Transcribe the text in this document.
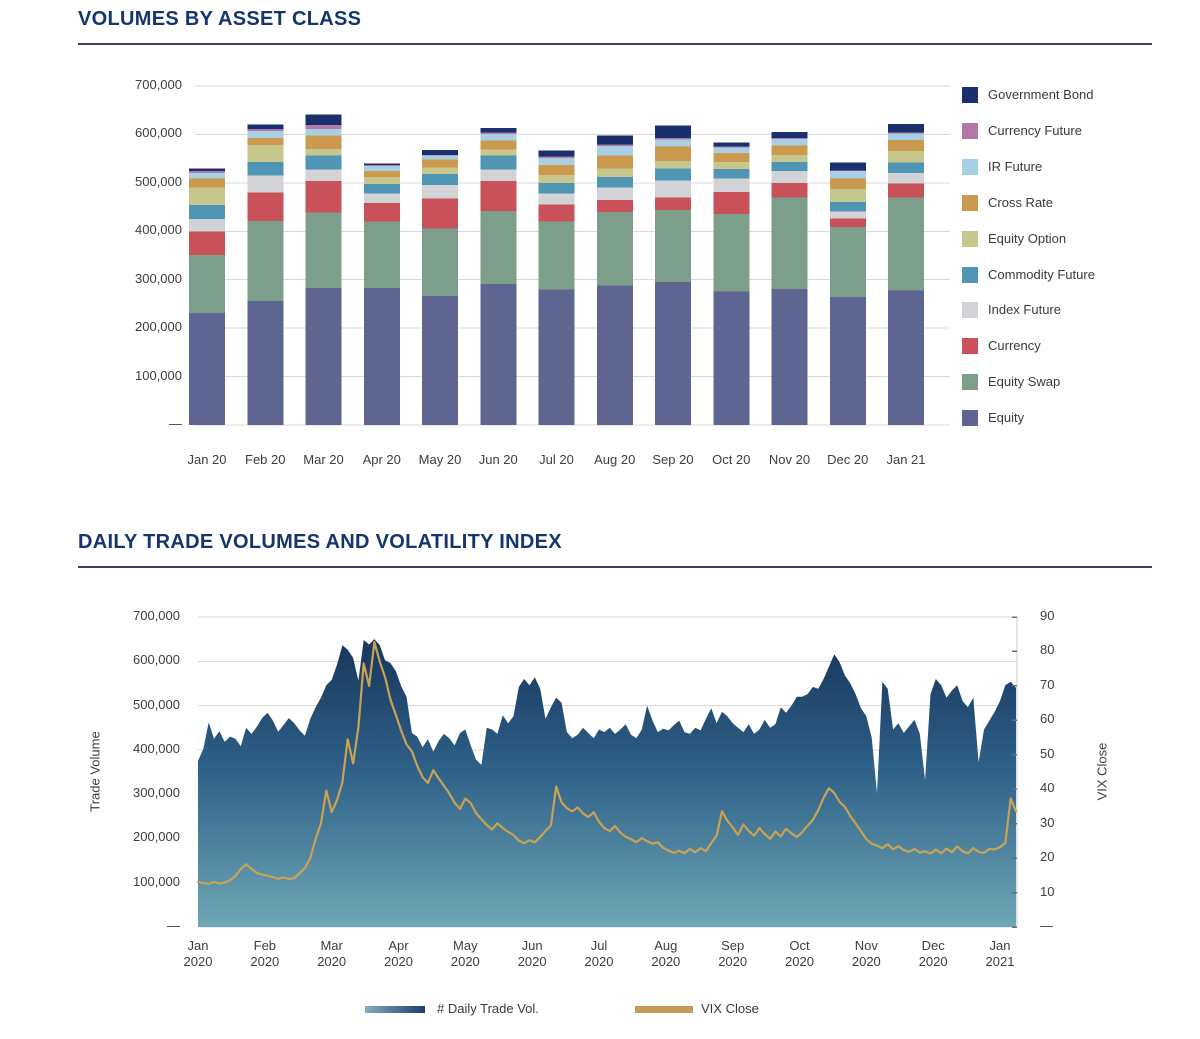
VOLUMES BY ASSET CLASS
700,000
600,000
500,000
400,000
300,000
200,000
100,000
—
Jan 20	Feb 20	Mar 20	Apr 20	May 20	Jun 20	Jul 20	Aug 20	Sep 20	Oct 20	Nov 20	Dec 20	Jan 21
Government Bond
Currency Future
IR Future
Cross Rate
Equity Option
Commodity Future
Index Future
Currency
Equity Swap
Equity
DAILY TRADE VOLUMES AND VOLATILITY INDEX
Trade Volume	VIX Close
700,000
600,000
500,000
400,000
300,000
200,000
100,000
—
90
80
70
60
50
40
30
20
10
—
Jan
2020
Feb
2020
Mar
2020
Apr
2020
May
2020
Jun
2020
Jul
2020
Aug
2020
Sep
2020
Oct
2020
Nov
2020
Dec
2020
Jan
2021
# Daily Trade Vol.	VIX Close
